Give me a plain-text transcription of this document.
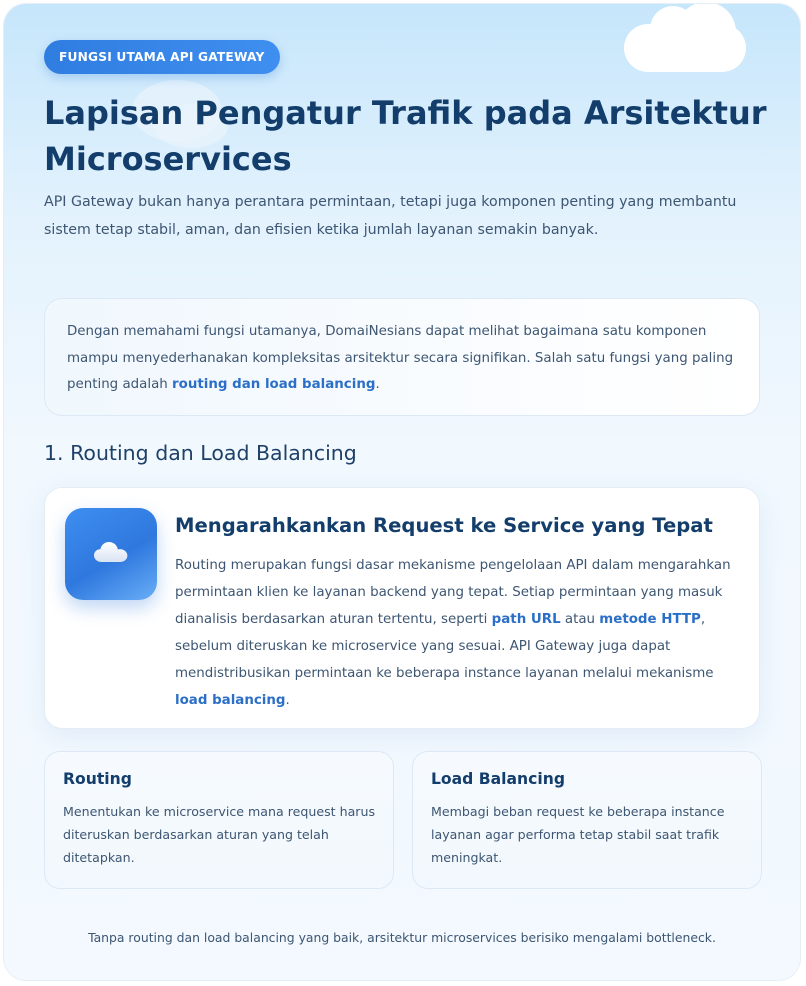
FUNGSI UTAMA API GATEWAY
Lapisan Pengatur Trafik pada Arsitektur Microservices

API Gateway bukan hanya perantara permintaan, tetapi juga komponen penting yang membantu sistem tetap stabil, aman, dan efisien ketika jumlah layanan semakin banyak.

Dengan memahami fungsi utamanya, DomaiNesians dapat melihat bagaimana satu komponen mampu menyederhanakan kompleksitas arsitektur secara signifikan. Salah satu fungsi yang paling penting adalah routing dan load balancing.

1. Routing dan Load Balancing
Mengarahkankan Request ke Service yang Tepat

Routing merupakan fungsi dasar mekanisme pengelolaan API dalam mengarahkan permintaan klien ke layanan backend yang tepat. Setiap permintaan yang masuk dianalisis berdasarkan aturan tertentu, seperti path URL atau metode HTTP, sebelum diteruskan ke microservice yang sesuai. API Gateway juga dapat mendistribusikan permintaan ke beberapa instance layanan melalui mekanisme load balancing.

Routing

Menentukan ke microservice mana request harus diteruskan berdasarkan aturan yang telah ditetapkan.

Load Balancing

Membagi beban request ke beberapa instance layanan agar performa tetap stabil saat trafik meningkat.

Tanpa routing dan load balancing yang baik, arsitektur microservices berisiko mengalami bottleneck.
